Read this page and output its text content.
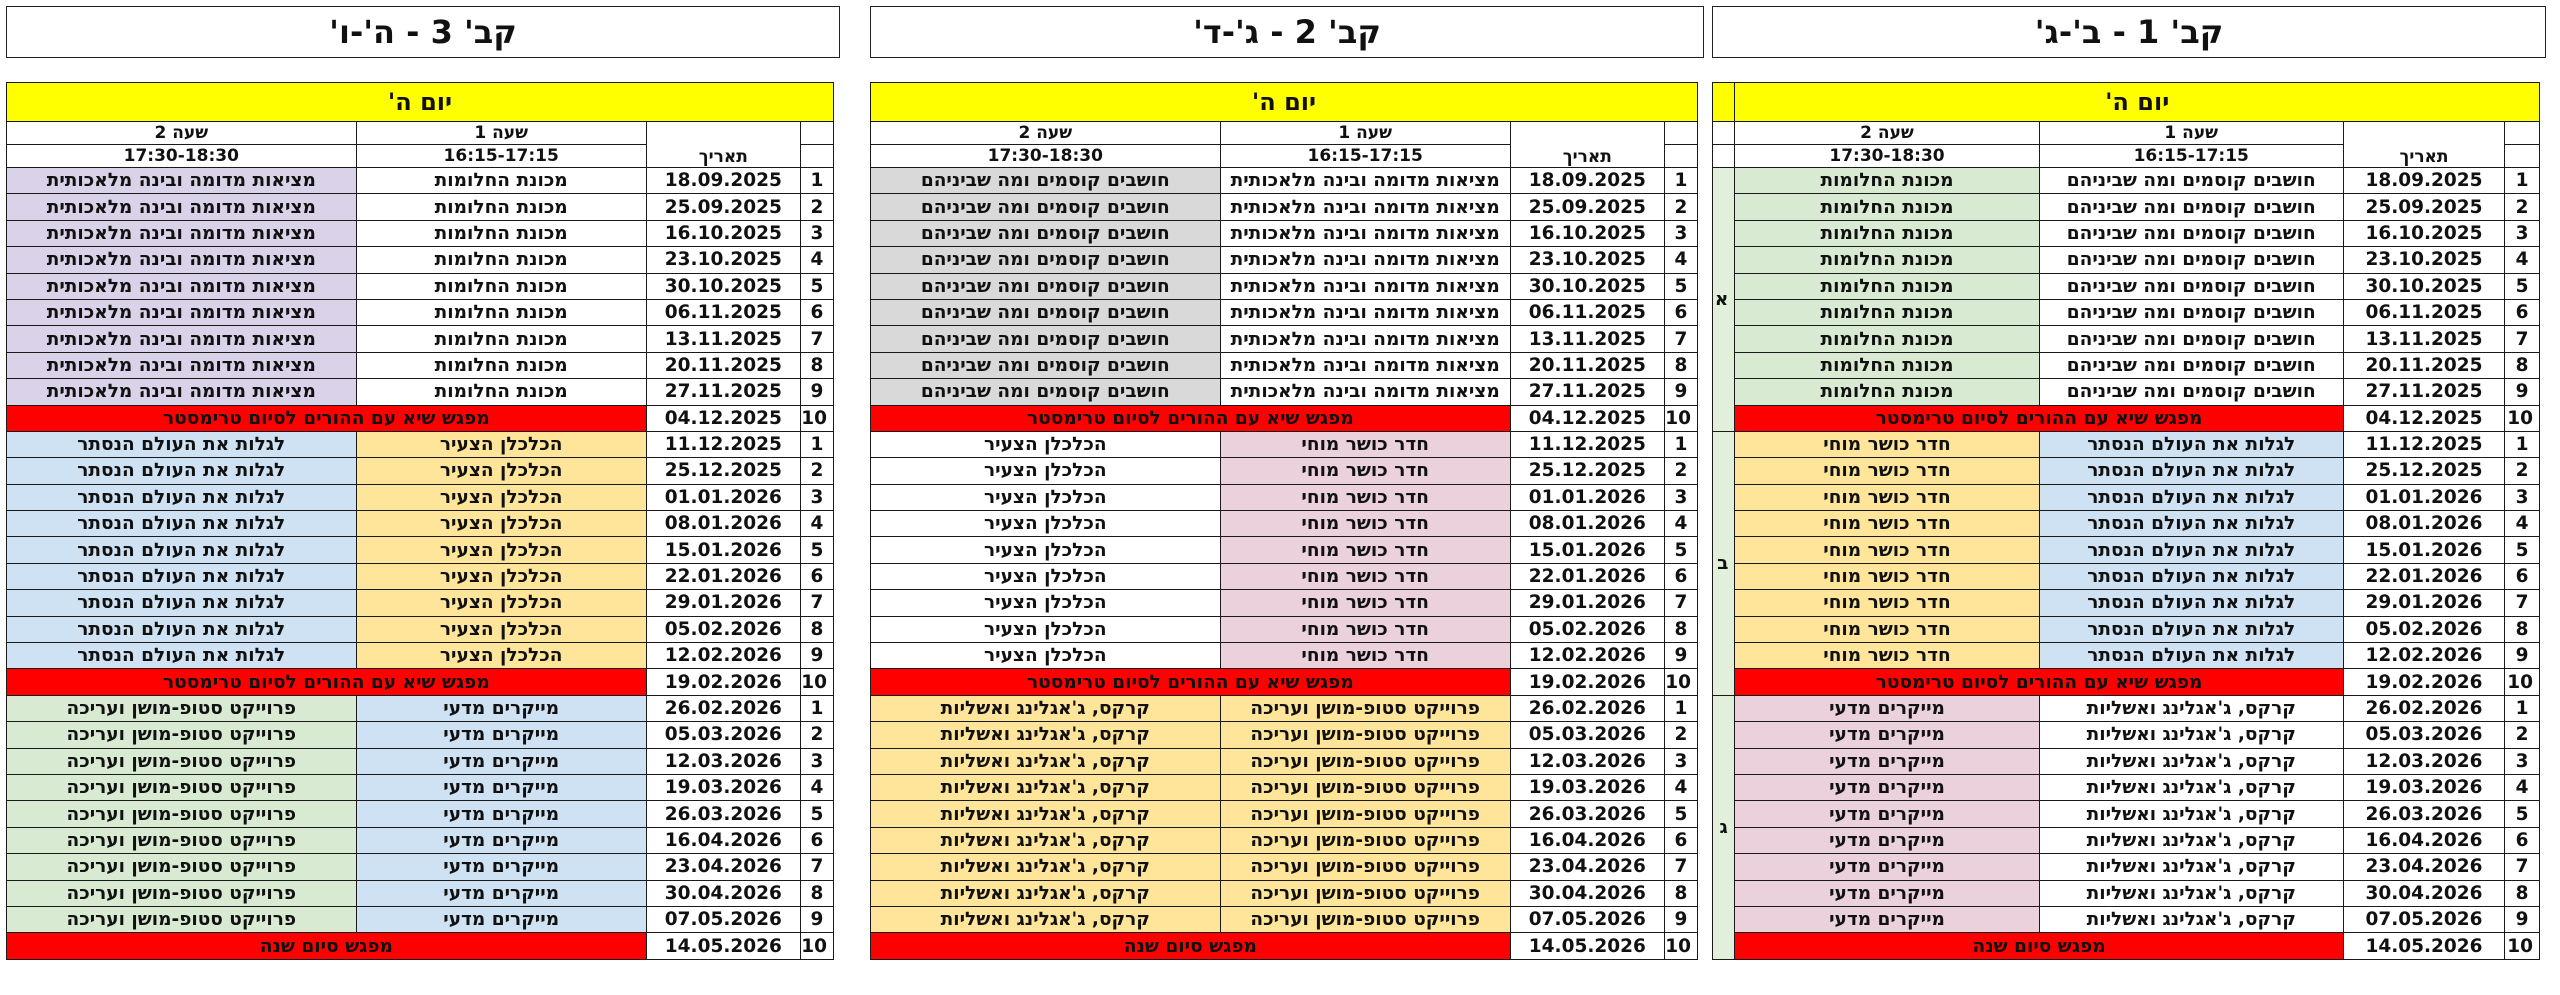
קב' 3 - ה'-ו'
יום ה'			
	תאריך	שעה 1	שעה 2
		16:15-17:15	17:30-18:30
1	18.09.2025	מכונת החלומות	מציאות מדומה ובינה מלאכותית
2	25.09.2025	מכונת החלומות	מציאות מדומה ובינה מלאכותית
3	16.10.2025	מכונת החלומות	מציאות מדומה ובינה מלאכותית
4	23.10.2025	מכונת החלומות	מציאות מדומה ובינה מלאכותית
5	30.10.2025	מכונת החלומות	מציאות מדומה ובינה מלאכותית
6	06.11.2025	מכונת החלומות	מציאות מדומה ובינה מלאכותית
7	13.11.2025	מכונת החלומות	מציאות מדומה ובינה מלאכותית
8	20.11.2025	מכונת החלומות	מציאות מדומה ובינה מלאכותית
9	27.11.2025	מכונת החלומות	מציאות מדומה ובינה מלאכותית
10	04.12.2025	מפגש שיא עם ההורים לסיום טרימסטר	
1	11.12.2025	הכלכלן הצעיר	לגלות את העולם הנסתר
2	25.12.2025	הכלכלן הצעיר	לגלות את העולם הנסתר
3	01.01.2026	הכלכלן הצעיר	לגלות את העולם הנסתר
4	08.01.2026	הכלכלן הצעיר	לגלות את העולם הנסתר
5	15.01.2026	הכלכלן הצעיר	לגלות את העולם הנסתר
6	22.01.2026	הכלכלן הצעיר	לגלות את העולם הנסתר
7	29.01.2026	הכלכלן הצעיר	לגלות את העולם הנסתר
8	05.02.2026	הכלכלן הצעיר	לגלות את העולם הנסתר
9	12.02.2026	הכלכלן הצעיר	לגלות את העולם הנסתר
10	19.02.2026	מפגש שיא עם ההורים לסיום טרימסטר	
1	26.02.2026	מייקרים מדעי	פרוייקט סטופ-מושן ועריכה
2	05.03.2026	מייקרים מדעי	פרוייקט סטופ-מושן ועריכה
3	12.03.2026	מייקרים מדעי	פרוייקט סטופ-מושן ועריכה
4	19.03.2026	מייקרים מדעי	פרוייקט סטופ-מושן ועריכה
5	26.03.2026	מייקרים מדעי	פרוייקט סטופ-מושן ועריכה
6	16.04.2026	מייקרים מדעי	פרוייקט סטופ-מושן ועריכה
7	23.04.2026	מייקרים מדעי	פרוייקט סטופ-מושן ועריכה
8	30.04.2026	מייקרים מדעי	פרוייקט סטופ-מושן ועריכה
9	07.05.2026	מייקרים מדעי	פרוייקט סטופ-מושן ועריכה
10	14.05.2026	מפגש סיום שנה	
קב' 2 - ג'-ד'
יום ה'			
	תאריך	שעה 1	שעה 2
		16:15-17:15	17:30-18:30
1	18.09.2025	מציאות מדומה ובינה מלאכותית	חושבים קוסמים ומה שביניהם
2	25.09.2025	מציאות מדומה ובינה מלאכותית	חושבים קוסמים ומה שביניהם
3	16.10.2025	מציאות מדומה ובינה מלאכותית	חושבים קוסמים ומה שביניהם
4	23.10.2025	מציאות מדומה ובינה מלאכותית	חושבים קוסמים ומה שביניהם
5	30.10.2025	מציאות מדומה ובינה מלאכותית	חושבים קוסמים ומה שביניהם
6	06.11.2025	מציאות מדומה ובינה מלאכותית	חושבים קוסמים ומה שביניהם
7	13.11.2025	מציאות מדומה ובינה מלאכותית	חושבים קוסמים ומה שביניהם
8	20.11.2025	מציאות מדומה ובינה מלאכותית	חושבים קוסמים ומה שביניהם
9	27.11.2025	מציאות מדומה ובינה מלאכותית	חושבים קוסמים ומה שביניהם
10	04.12.2025	מפגש שיא עם ההורים לסיום טרימסטר	
1	11.12.2025	חדר כושר מוחי	הכלכלן הצעיר
2	25.12.2025	חדר כושר מוחי	הכלכלן הצעיר
3	01.01.2026	חדר כושר מוחי	הכלכלן הצעיר
4	08.01.2026	חדר כושר מוחי	הכלכלן הצעיר
5	15.01.2026	חדר כושר מוחי	הכלכלן הצעיר
6	22.01.2026	חדר כושר מוחי	הכלכלן הצעיר
7	29.01.2026	חדר כושר מוחי	הכלכלן הצעיר
8	05.02.2026	חדר כושר מוחי	הכלכלן הצעיר
9	12.02.2026	חדר כושר מוחי	הכלכלן הצעיר
10	19.02.2026	מפגש שיא עם ההורים לסיום טרימסטר	
1	26.02.2026	פרוייקט סטופ-מושן ועריכה	קרקס, ג'אגלינג ואשליות
2	05.03.2026	פרוייקט סטופ-מושן ועריכה	קרקס, ג'אגלינג ואשליות
3	12.03.2026	פרוייקט סטופ-מושן ועריכה	קרקס, ג'אגלינג ואשליות
4	19.03.2026	פרוייקט סטופ-מושן ועריכה	קרקס, ג'אגלינג ואשליות
5	26.03.2026	פרוייקט סטופ-מושן ועריכה	קרקס, ג'אגלינג ואשליות
6	16.04.2026	פרוייקט סטופ-מושן ועריכה	קרקס, ג'אגלינג ואשליות
7	23.04.2026	פרוייקט סטופ-מושן ועריכה	קרקס, ג'אגלינג ואשליות
8	30.04.2026	פרוייקט סטופ-מושן ועריכה	קרקס, ג'אגלינג ואשליות
9	07.05.2026	פרוייקט סטופ-מושן ועריכה	קרקס, ג'אגלינג ואשליות
10	14.05.2026	מפגש סיום שנה	
קב' 1 - ב'-ג'
יום ה'				
	תאריך	שעה 1	שעה 2	
		16:15-17:15	17:30-18:30	
1	18.09.2025	חושבים קוסמים ומה שביניהם	מכונת החלומות	א
2	25.09.2025	חושבים קוסמים ומה שביניהם	מכונת החלומות	
3	16.10.2025	חושבים קוסמים ומה שביניהם	מכונת החלומות	
4	23.10.2025	חושבים קוסמים ומה שביניהם	מכונת החלומות	
5	30.10.2025	חושבים קוסמים ומה שביניהם	מכונת החלומות	
6	06.11.2025	חושבים קוסמים ומה שביניהם	מכונת החלומות	
7	13.11.2025	חושבים קוסמים ומה שביניהם	מכונת החלומות	
8	20.11.2025	חושבים קוסמים ומה שביניהם	מכונת החלומות	
9	27.11.2025	חושבים קוסמים ומה שביניהם	מכונת החלומות	
10	04.12.2025	מפגש שיא עם ההורים לסיום טרימסטר		
1	11.12.2025	לגלות את העולם הנסתר	חדר כושר מוחי	ב
2	25.12.2025	לגלות את העולם הנסתר	חדר כושר מוחי	
3	01.01.2026	לגלות את העולם הנסתר	חדר כושר מוחי	
4	08.01.2026	לגלות את העולם הנסתר	חדר כושר מוחי	
5	15.01.2026	לגלות את העולם הנסתר	חדר כושר מוחי	
6	22.01.2026	לגלות את העולם הנסתר	חדר כושר מוחי	
7	29.01.2026	לגלות את העולם הנסתר	חדר כושר מוחי	
8	05.02.2026	לגלות את העולם הנסתר	חדר כושר מוחי	
9	12.02.2026	לגלות את העולם הנסתר	חדר כושר מוחי	
10	19.02.2026	מפגש שיא עם ההורים לסיום טרימסטר		
1	26.02.2026	קרקס, ג'אגלינג ואשליות	מייקרים מדעי	ג
2	05.03.2026	קרקס, ג'אגלינג ואשליות	מייקרים מדעי	
3	12.03.2026	קרקס, ג'אגלינג ואשליות	מייקרים מדעי	
4	19.03.2026	קרקס, ג'אגלינג ואשליות	מייקרים מדעי	
5	26.03.2026	קרקס, ג'אגלינג ואשליות	מייקרים מדעי	
6	16.04.2026	קרקס, ג'אגלינג ואשליות	מייקרים מדעי	
7	23.04.2026	קרקס, ג'אגלינג ואשליות	מייקרים מדעי	
8	30.04.2026	קרקס, ג'אגלינג ואשליות	מייקרים מדעי	
9	07.05.2026	קרקס, ג'אגלינג ואשליות	מייקרים מדעי	
10	14.05.2026	מפגש סיום שנה		
